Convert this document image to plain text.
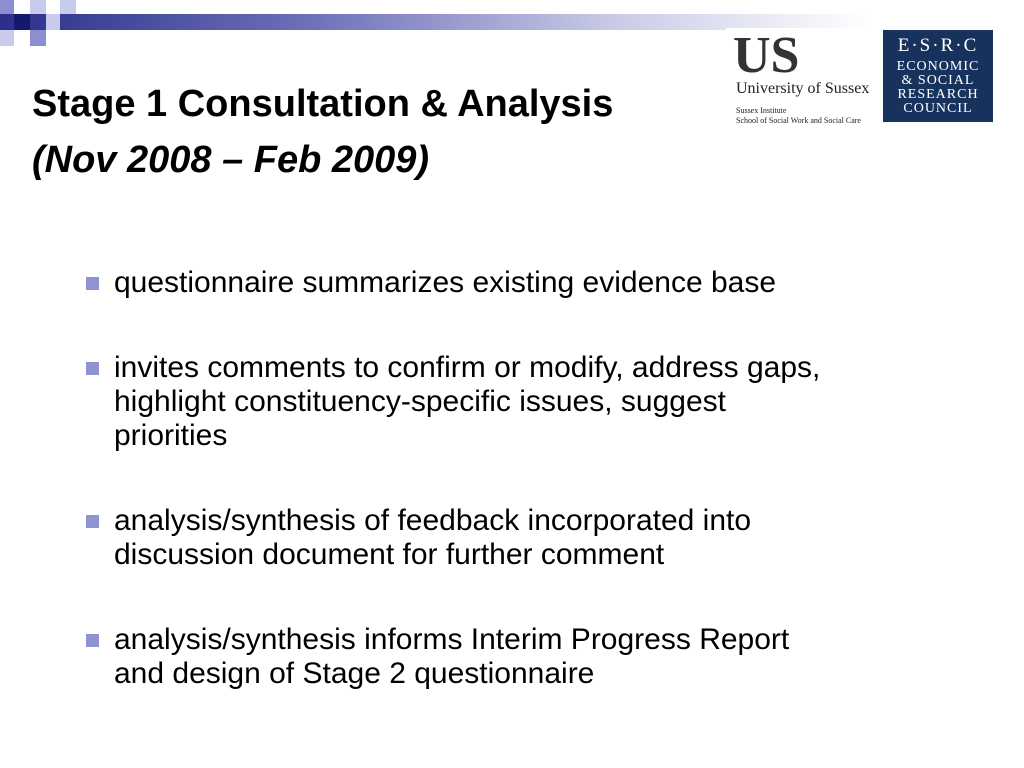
Stage 1 Consultation & Analysis
(Nov 2008 – Feb 2009)
US
University of Sussex
Sussex Institute
School of Social Work and Social Care
E·S·R·C
ECONOMIC
& SOCIAL
RESEARCH
COUNCIL
questionnaire summarizes existing evidence base
invites comments to confirm or modify, address gaps, highlight constituency-specific issues, suggest priorities
analysis/synthesis of feedback incorporated into discussion document for further comment
analysis/synthesis informs Interim Progress Report and design of Stage 2 questionnaire
